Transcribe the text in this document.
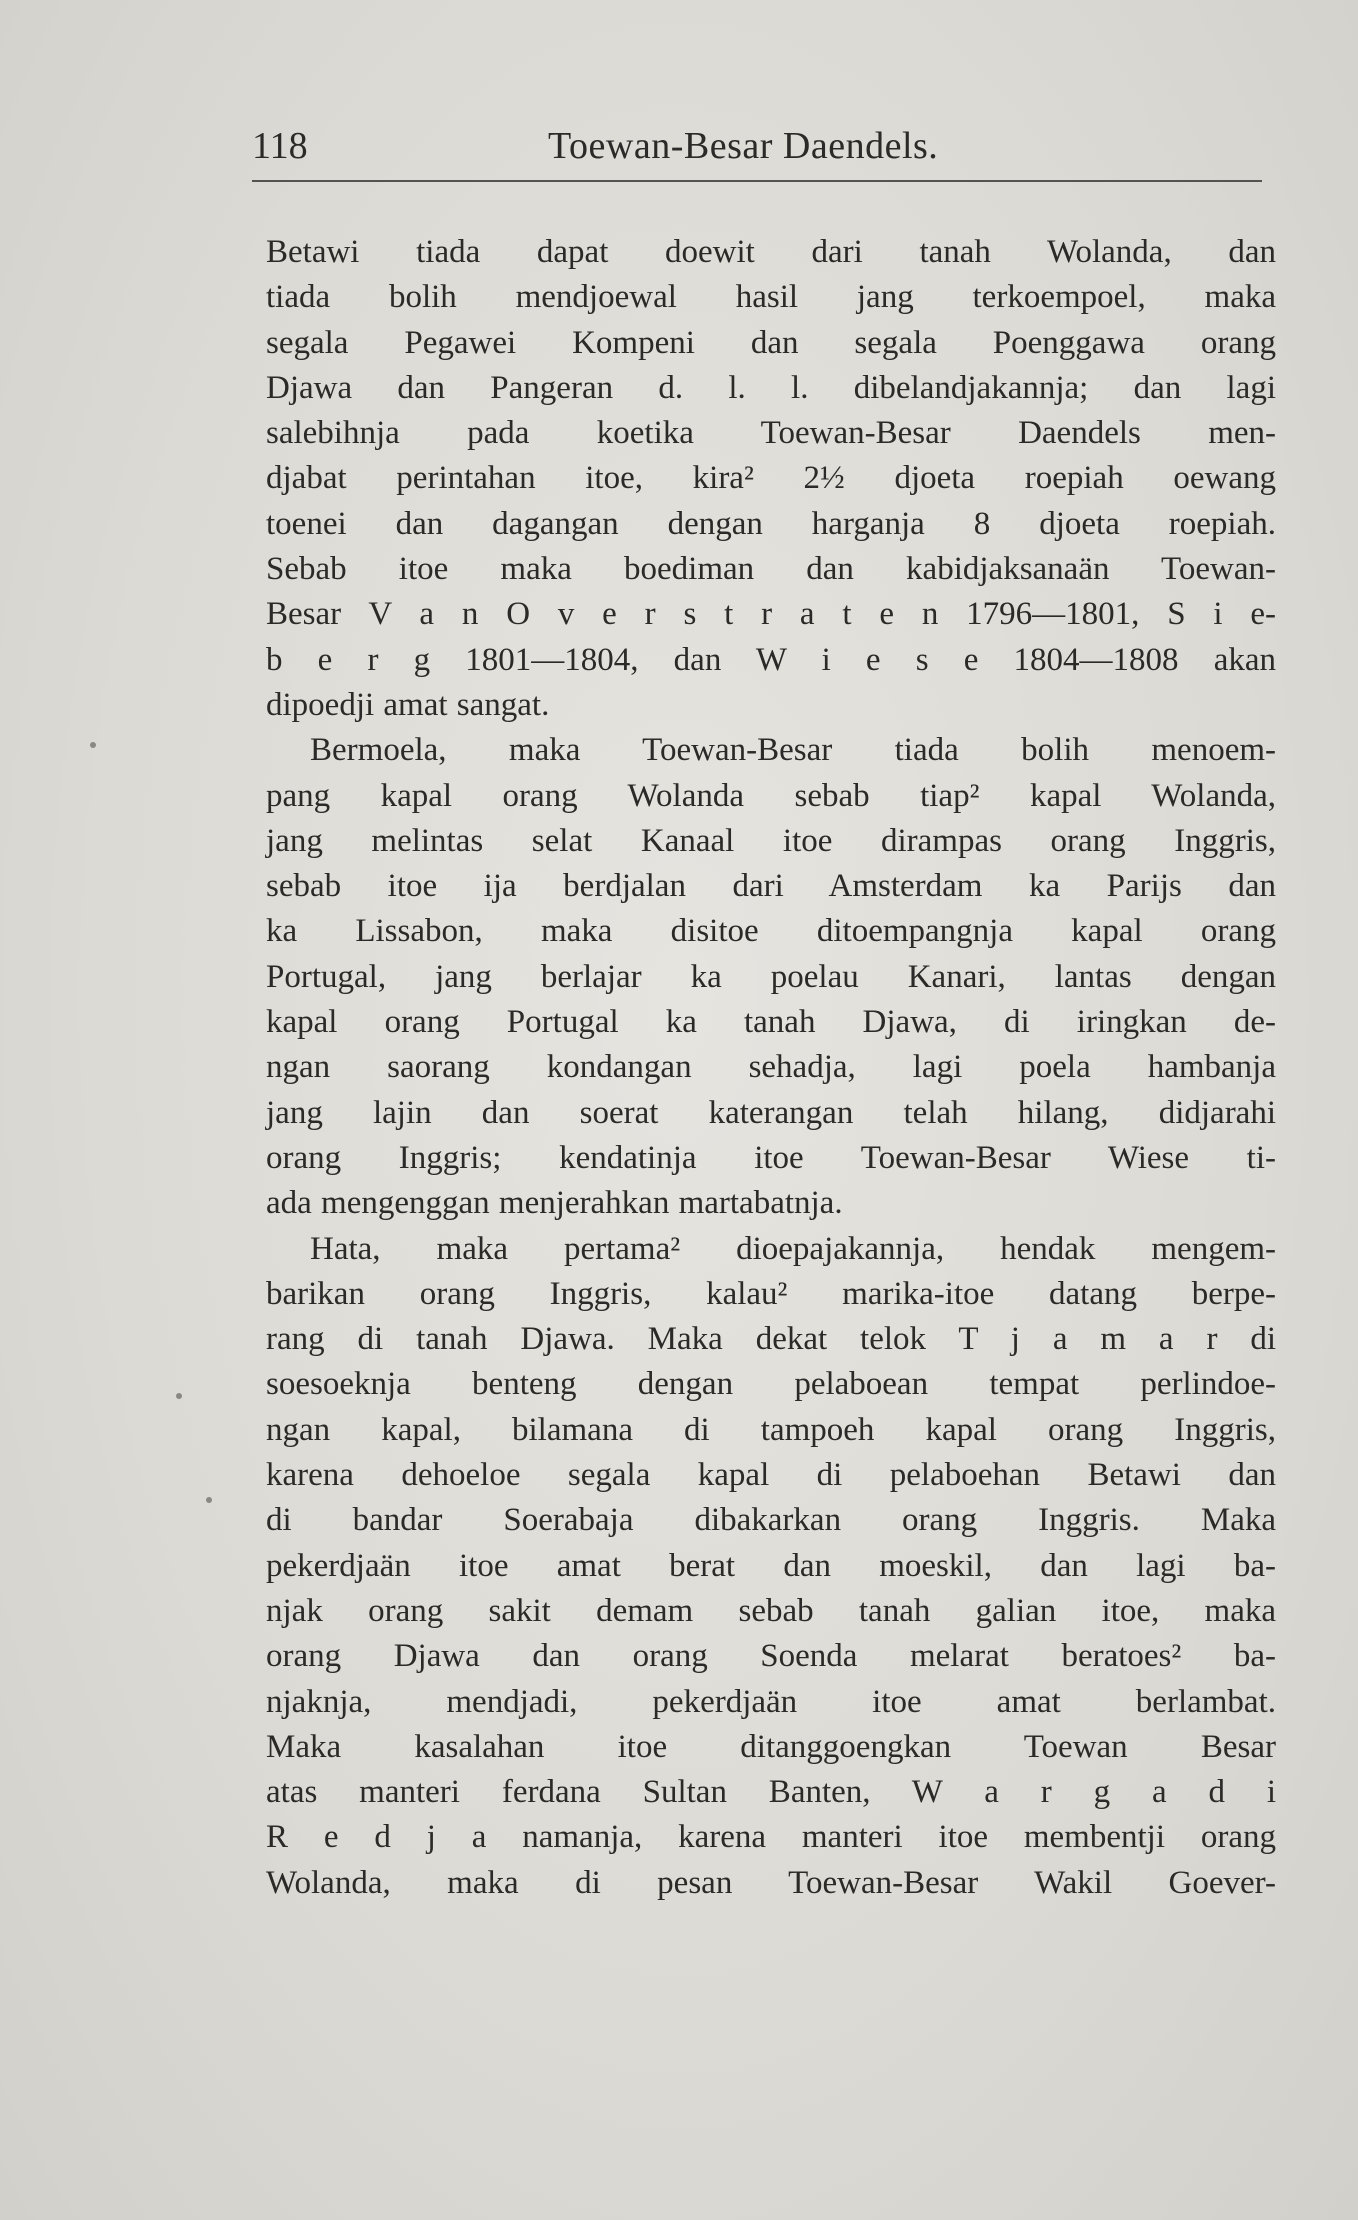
118	Toewan-Besar Daendels.
Betawi tiada dapat doewit dari tanah Wolanda, dan
tiada bolih mendjoewal hasil jang terkoempoel, maka
segala Pegawei Kompeni dan segala Poenggawa orang
Djawa dan Pangeran d. l. l. dibelandjakannja; dan lagi
salebihnja pada koetika Toewan-Besar Daendels men-
djabat perintahan itoe, kira² 2½ djoeta roepiah oewang
toenei dan dagangan dengan harganja 8 djoeta roepiah.
Sebab itoe maka boediman dan kabidjaksanaän Toewan-
Besar V a n O v e r s t r a t e n 1796—1801, S i e-
b e r g 1801—1804, dan W i e s e 1804—1808 akan
dipoedji amat sangat.
Bermoela, maka Toewan-Besar tiada bolih menoem-
pang kapal orang Wolanda sebab tiap² kapal Wolanda,
jang melintas selat Kanaal itoe dirampas orang Inggris,
sebab itoe ija berdjalan dari Amsterdam ka Parijs dan
ka Lissabon, maka disitoe ditoempangnja kapal orang
Portugal, jang berlajar ka poelau Kanari, lantas dengan
kapal orang Portugal ka tanah Djawa, di iringkan de-
ngan saorang kondangan sehadja, lagi poela hambanja
jang lajin dan soerat katerangan telah hilang, didjarahi
orang Inggris; kendatinja itoe Toewan-Besar Wiese ti-
ada mengenggan menjerahkan martabatnja.
Hata, maka pertama² dioepajakannja, hendak mengem-
barikan orang Inggris, kalau² marika-itoe datang berpe-
rang di tanah Djawa. Maka dekat telok T j a m a r di
soesoeknja benteng dengan pelaboean tempat perlindoe-
ngan kapal, bilamana di tampoeh kapal orang Inggris,
karena dehoeloe segala kapal di pelaboehan Betawi dan
di bandar Soerabaja dibakarkan orang Inggris. Maka
pekerdjaän itoe amat berat dan moeskil, dan lagi ba-
njak orang sakit demam sebab tanah galian itoe, maka
orang Djawa dan orang Soenda melarat beratoes² ba-
njaknja, mendjadi, pekerdjaän itoe amat berlambat.
Maka kasalahan itoe ditanggoengkan Toewan Besar
atas manteri ferdana Sultan Banten, W a r g a d i
R e d j a namanja, karena manteri itoe membentji orang
Wolanda, maka di pesan Toewan-Besar Wakil Goever-
